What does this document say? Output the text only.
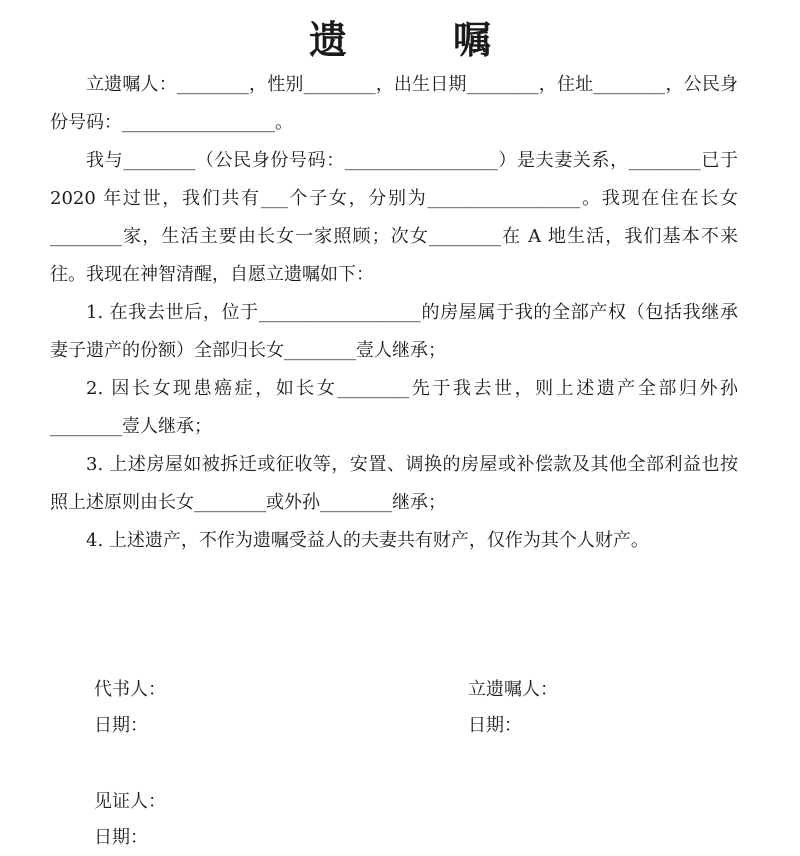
遗　嘱

立遗嘱人：________，性别________，出生日期________，住址________，公民身份号码：_________________。

我与________（公民身份号码：_________________）是夫妻关系，________已于 2020 年过世，我们共有___个子女，分别为_________________。我现在住在长女________家，生活主要由长女一家照顾；次女________在 A 地生活，我们基本不来往。我现在神智清醒，自愿立遗嘱如下：

1. 在我去世后，位于__________________的房屋属于我的全部产权（包括我继承妻子遗产的份额）全部归长女________壹人继承；

2. 因长女现患癌症，如长女________先于我去世，则上述遗产全部归外孙________壹人继承；

3. 上述房屋如被拆迁或征收等，安置、调换的房屋或补偿款及其他全部利益也按照上述原则由长女________或外孙________继承；

4. 上述遗产，不作为遗嘱受益人的夫妻共有财产，仅作为其个人财产。

代书人：
日期：
立遗嘱人：
日期：
见证人：
日期：
